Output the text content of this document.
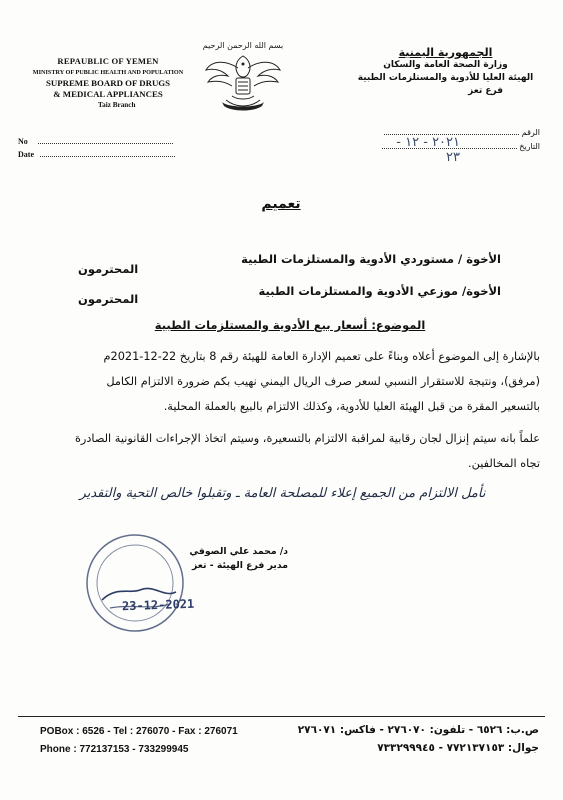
REPAUBLIC OF YEMEN
MINISTRY OF PUBLIC HEALTH AND POPULATION
SUPREME BOARD OF DRUGS
& MEDICAL APPLIANCES
Taiz Branch
بسم الله الرحمن الرحيم
الجمهورية اليمنية
وزارة الصحة العامة والسكان
الهيئة العليا للأدوية والمستلزمات الطبية
فرع تعز
No
Date
الرقم
التاريخ
٢٠٢١ - ١٢ - ٢٣
تعميم
الأخوة / مستوردي الأدوية والمستلزمات الطبية
المحترمون
الأخوة/ موزعي الأدوية والمستلزمات الطبية
المحترمون
الموضوع: أسعار بيع الأدوية والمستلزمات الطبية
بالإشارة إلى الموضوع أعلاه وبناءً على تعميم الإدارة العامة للهيئة رقم 8 بتاريخ 22-12-2021م
(مرفق)، ونتيجة للاستقرار النسبي لسعر صرف الريال اليمني نهيب بكم ضرورة الالتزام الكامل
بالتسعير المقرة من قبل الهيئة العليا للأدوية، وكذلك الالتزام بالبيع بالعملة المحلية.
علماً بانه سيتم إنزال لجان رقابية لمراقبة الالتزام بالتسعيرة، وسيتم اتخاذ الإجراءات القانونية الصادرة
تجاه المخالفين.
نأمل الالتزام من الجميع إعلاء للمصلحة العامة ـ وتقبلوا خالص التحية والتقدير
د/ محمد علي الصوفي
مدير فرع الهيئة - تعز
23-12-2021
POBox : 6526 - Tel : 276070 - Fax : 276071
Phone : 772137153 - 733299945
ص.ب: ٦٥٢٦ - تلفون: ٢٧٦٠٧٠ - فاكس: ٢٧٦٠٧١
جوال: ٧٧٢١٣٧١٥٣ - ٧٣٣٢٩٩٩٤٥
